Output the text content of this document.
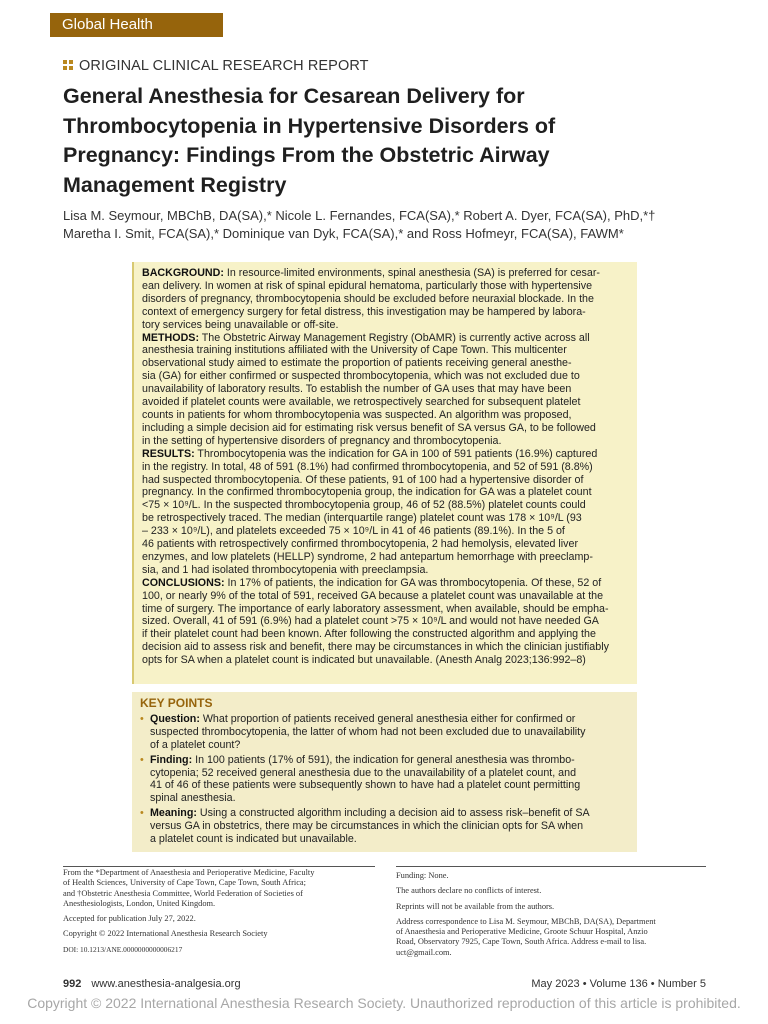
Global Health
ORIGINAL CLINICAL RESEARCH REPORT
General Anesthesia for Cesarean Delivery for
Thrombocytopenia in Hypertensive Disorders of
Pregnancy: Findings From the Obstetric Airway
Management Registry
Lisa M. Seymour, MBChB, DA(SA),* Nicole L. Fernandes, FCA(SA),* Robert A. Dyer, FCA(SA), PhD,*†
Maretha I. Smit, FCA(SA),* Dominique van Dyk, FCA(SA),* and Ross Hofmeyr, FCA(SA), FAWM*
BACKGROUND: In resource-limited environments, spinal anesthesia (SA) is preferred for cesar-
ean delivery. In women at risk of spinal epidural hematoma, particularly those with hypertensive
disorders of pregnancy, thrombocytopenia should be excluded before neuraxial blockade. In the
context of emergency surgery for fetal distress, this investigation may be hampered by labora-
tory services being unavailable or off-site.
METHODS: The Obstetric Airway Management Registry (ObAMR) is currently active across all
anesthesia training institutions affiliated with the University of Cape Town. This multicenter
observational study aimed to estimate the proportion of patients receiving general anesthe-
sia (GA) for either confirmed or suspected thrombocytopenia, which was not excluded due to
unavailability of laboratory results. To establish the number of GA uses that may have been
avoided if platelet counts were available, we retrospectively searched for subsequent platelet
counts in patients for whom thrombocytopenia was suspected. An algorithm was proposed,
including a simple decision aid for estimating risk versus benefit of SA versus GA, to be followed
in the setting of hypertensive disorders of pregnancy and thrombocytopenia.
RESULTS: Thrombocytopenia was the indication for GA in 100 of 591 patients (16.9%) captured
in the registry. In total, 48 of 591 (8.1%) had confirmed thrombocytopenia, and 52 of 591 (8.8%)
had suspected thrombocytopenia. Of these patients, 91 of 100 had a hypertensive disorder of
pregnancy. In the confirmed thrombocytopenia group, the indication for GA was a platelet count
<75 × 10⁹/L. In the suspected thrombocytopenia group, 46 of 52 (88.5%) platelet counts could
be retrospectively traced. The median (interquartile range) platelet count was 178 × 10⁹/L (93
– 233 × 10⁹/L), and platelets exceeded 75 × 10⁹/L in 41 of 46 patients (89.1%). In the 5 of
46 patients with retrospectively confirmed thrombocytopenia, 2 had hemolysis, elevated liver
enzymes, and low platelets (HELLP) syndrome, 2 had antepartum hemorrhage with preeclamp-
sia, and 1 had isolated thrombocytopenia with preeclampsia.
CONCLUSIONS: In 17% of patients, the indication for GA was thrombocytopenia. Of these, 52 of
100, or nearly 9% of the total of 591, received GA because a platelet count was unavailable at the
time of surgery. The importance of early laboratory assessment, when available, should be empha-
sized. Overall, 41 of 591 (6.9%) had a platelet count >75 × 10⁹/L and would not have needed GA
if their platelet count had been known. After following the constructed algorithm and applying the
decision aid to assess risk and benefit, there may be circumstances in which the clinician justifiably
opts for SA when a platelet count is indicated but unavailable. (Anesth Analg 2023;136:992–8)
KEY POINTS
• Question: What proportion of patients received general anesthesia either for confirmed or
suspected thrombocytopenia, the latter of whom had not been excluded due to unavailability
of a platelet count?
• Finding: In 100 patients (17% of 591), the indication for general anesthesia was thrombo-
cytopenia; 52 received general anesthesia due to the unavailability of a platelet count, and
41 of 46 of these patients were subsequently shown to have had a platelet count permitting
spinal anesthesia.
• Meaning: Using a constructed algorithm including a decision aid to assess risk–benefit of SA
versus GA in obstetrics, there may be circumstances in which the clinician opts for SA when
a platelet count is indicated but unavailable.
From the *Department of Anaesthesia and Perioperative Medicine, Faculty
of Health Sciences, University of Cape Town, Cape Town, South Africa;
and †Obstetric Anesthesia Committee, World Federation of Societies of
Anesthesiologists, London, United Kingdom.
Accepted for publication July 27, 2022.
Copyright © 2022 International Anesthesia Research Society
DOI: 10.1213/ANE.0000000000006217
Funding: None.
The authors declare no conflicts of interest.
Reprints will not be available from the authors.
Address correspondence to Lisa M. Seymour, MBChB, DA(SA), Department
of Anaesthesia and Perioperative Medicine, Groote Schuur Hospital, Anzio
Road, Observatory 7925, Cape Town, South Africa. Address e-mail to lisa.
uct@gmail.com.
992 www.anesthesia-analgesia.org	May 2023 • Volume 136 • Number 5
Copyright © 2022 International Anesthesia Research Society. Unauthorized reproduction of this article is prohibited.
